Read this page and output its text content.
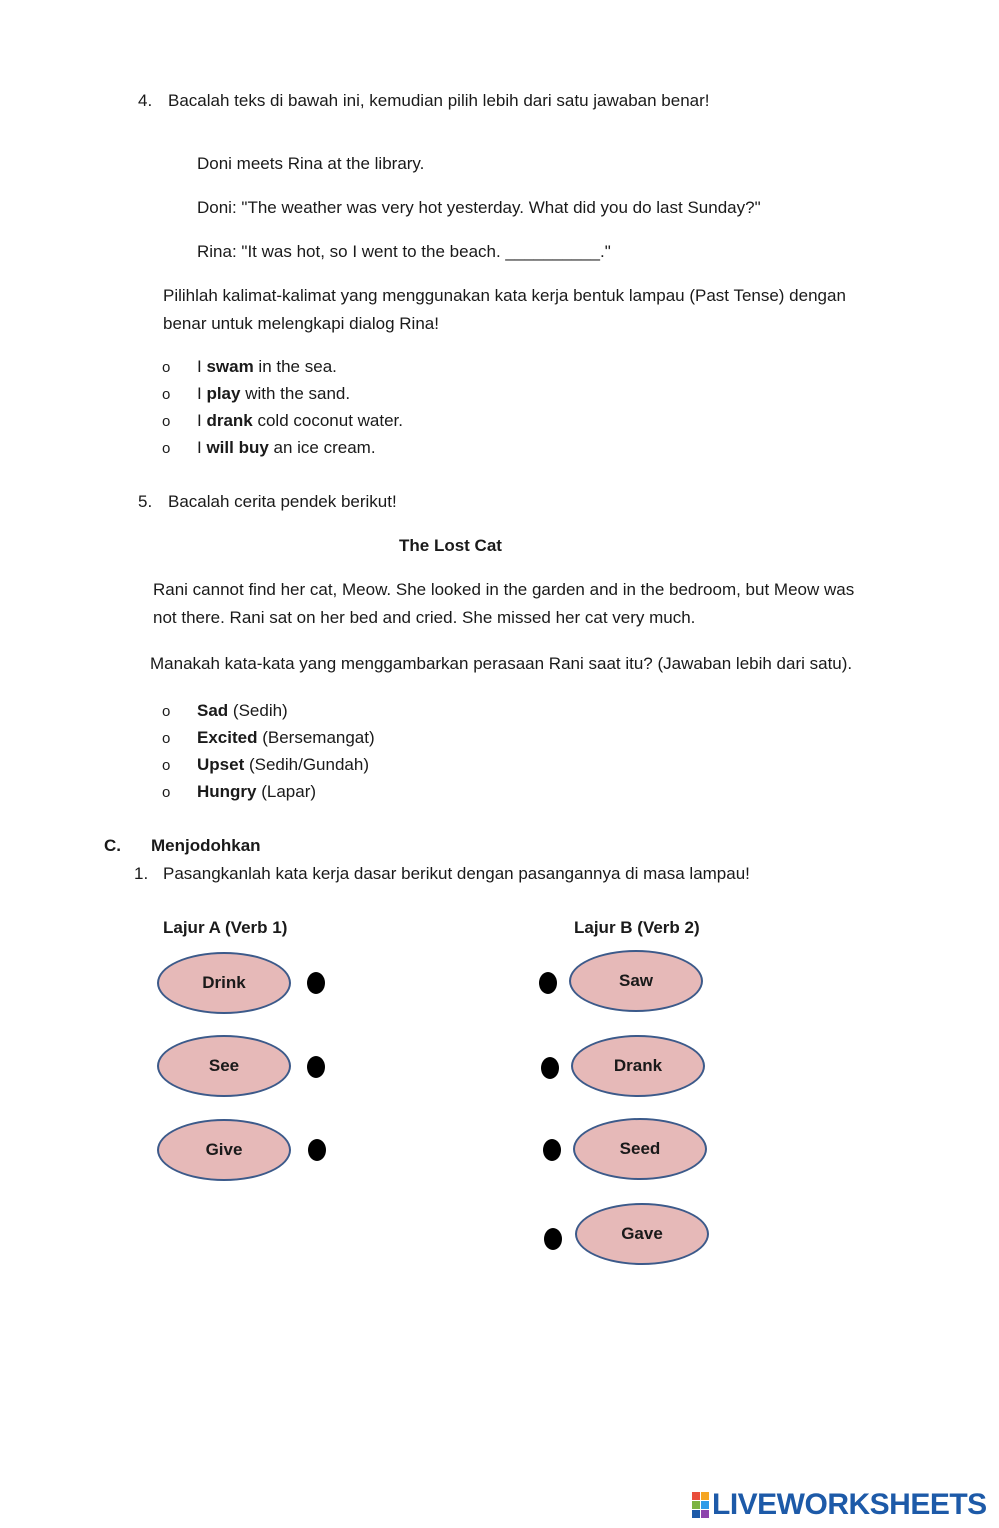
4. Bacalah teks di bawah ini, kemudian pilih lebih dari satu jawaban benar!
Doni meets Rina at the library.
Doni: "The weather was very hot yesterday. What did you do last Sunday?"
Rina: "It was hot, so I went to the beach. __________."
Pilihlah kalimat-kalimat yang menggunakan kata kerja bentuk lampau (Past Tense) dengan benar untuk melengkapi dialog Rina!
o I swam in the sea.
o I play with the sand.
o I drank cold coconut water.
o I will buy an ice cream.
5. Bacalah cerita pendek berikut!
The Lost Cat
Rani cannot find her cat, Meow. She looked in the garden and in the bedroom, but Meow was not there. Rani sat on her bed and cried. She missed her cat very much.
Manakah kata-kata yang menggambarkan perasaan Rani saat itu? (Jawaban lebih dari satu).
o Sad (Sedih)
o Excited (Bersemangat)
o Upset (Sedih/Gundah)
o Hungry (Lapar)
C. Menjodohkan
1. Pasangkanlah kata kerja dasar berikut dengan pasangannya di masa lampau!
Lajur A (Verb 1)	Lajur B (Verb 2)
Drink
See
Give
Saw
Drank
Seed
Gave
LIVEWORKSHEETS
